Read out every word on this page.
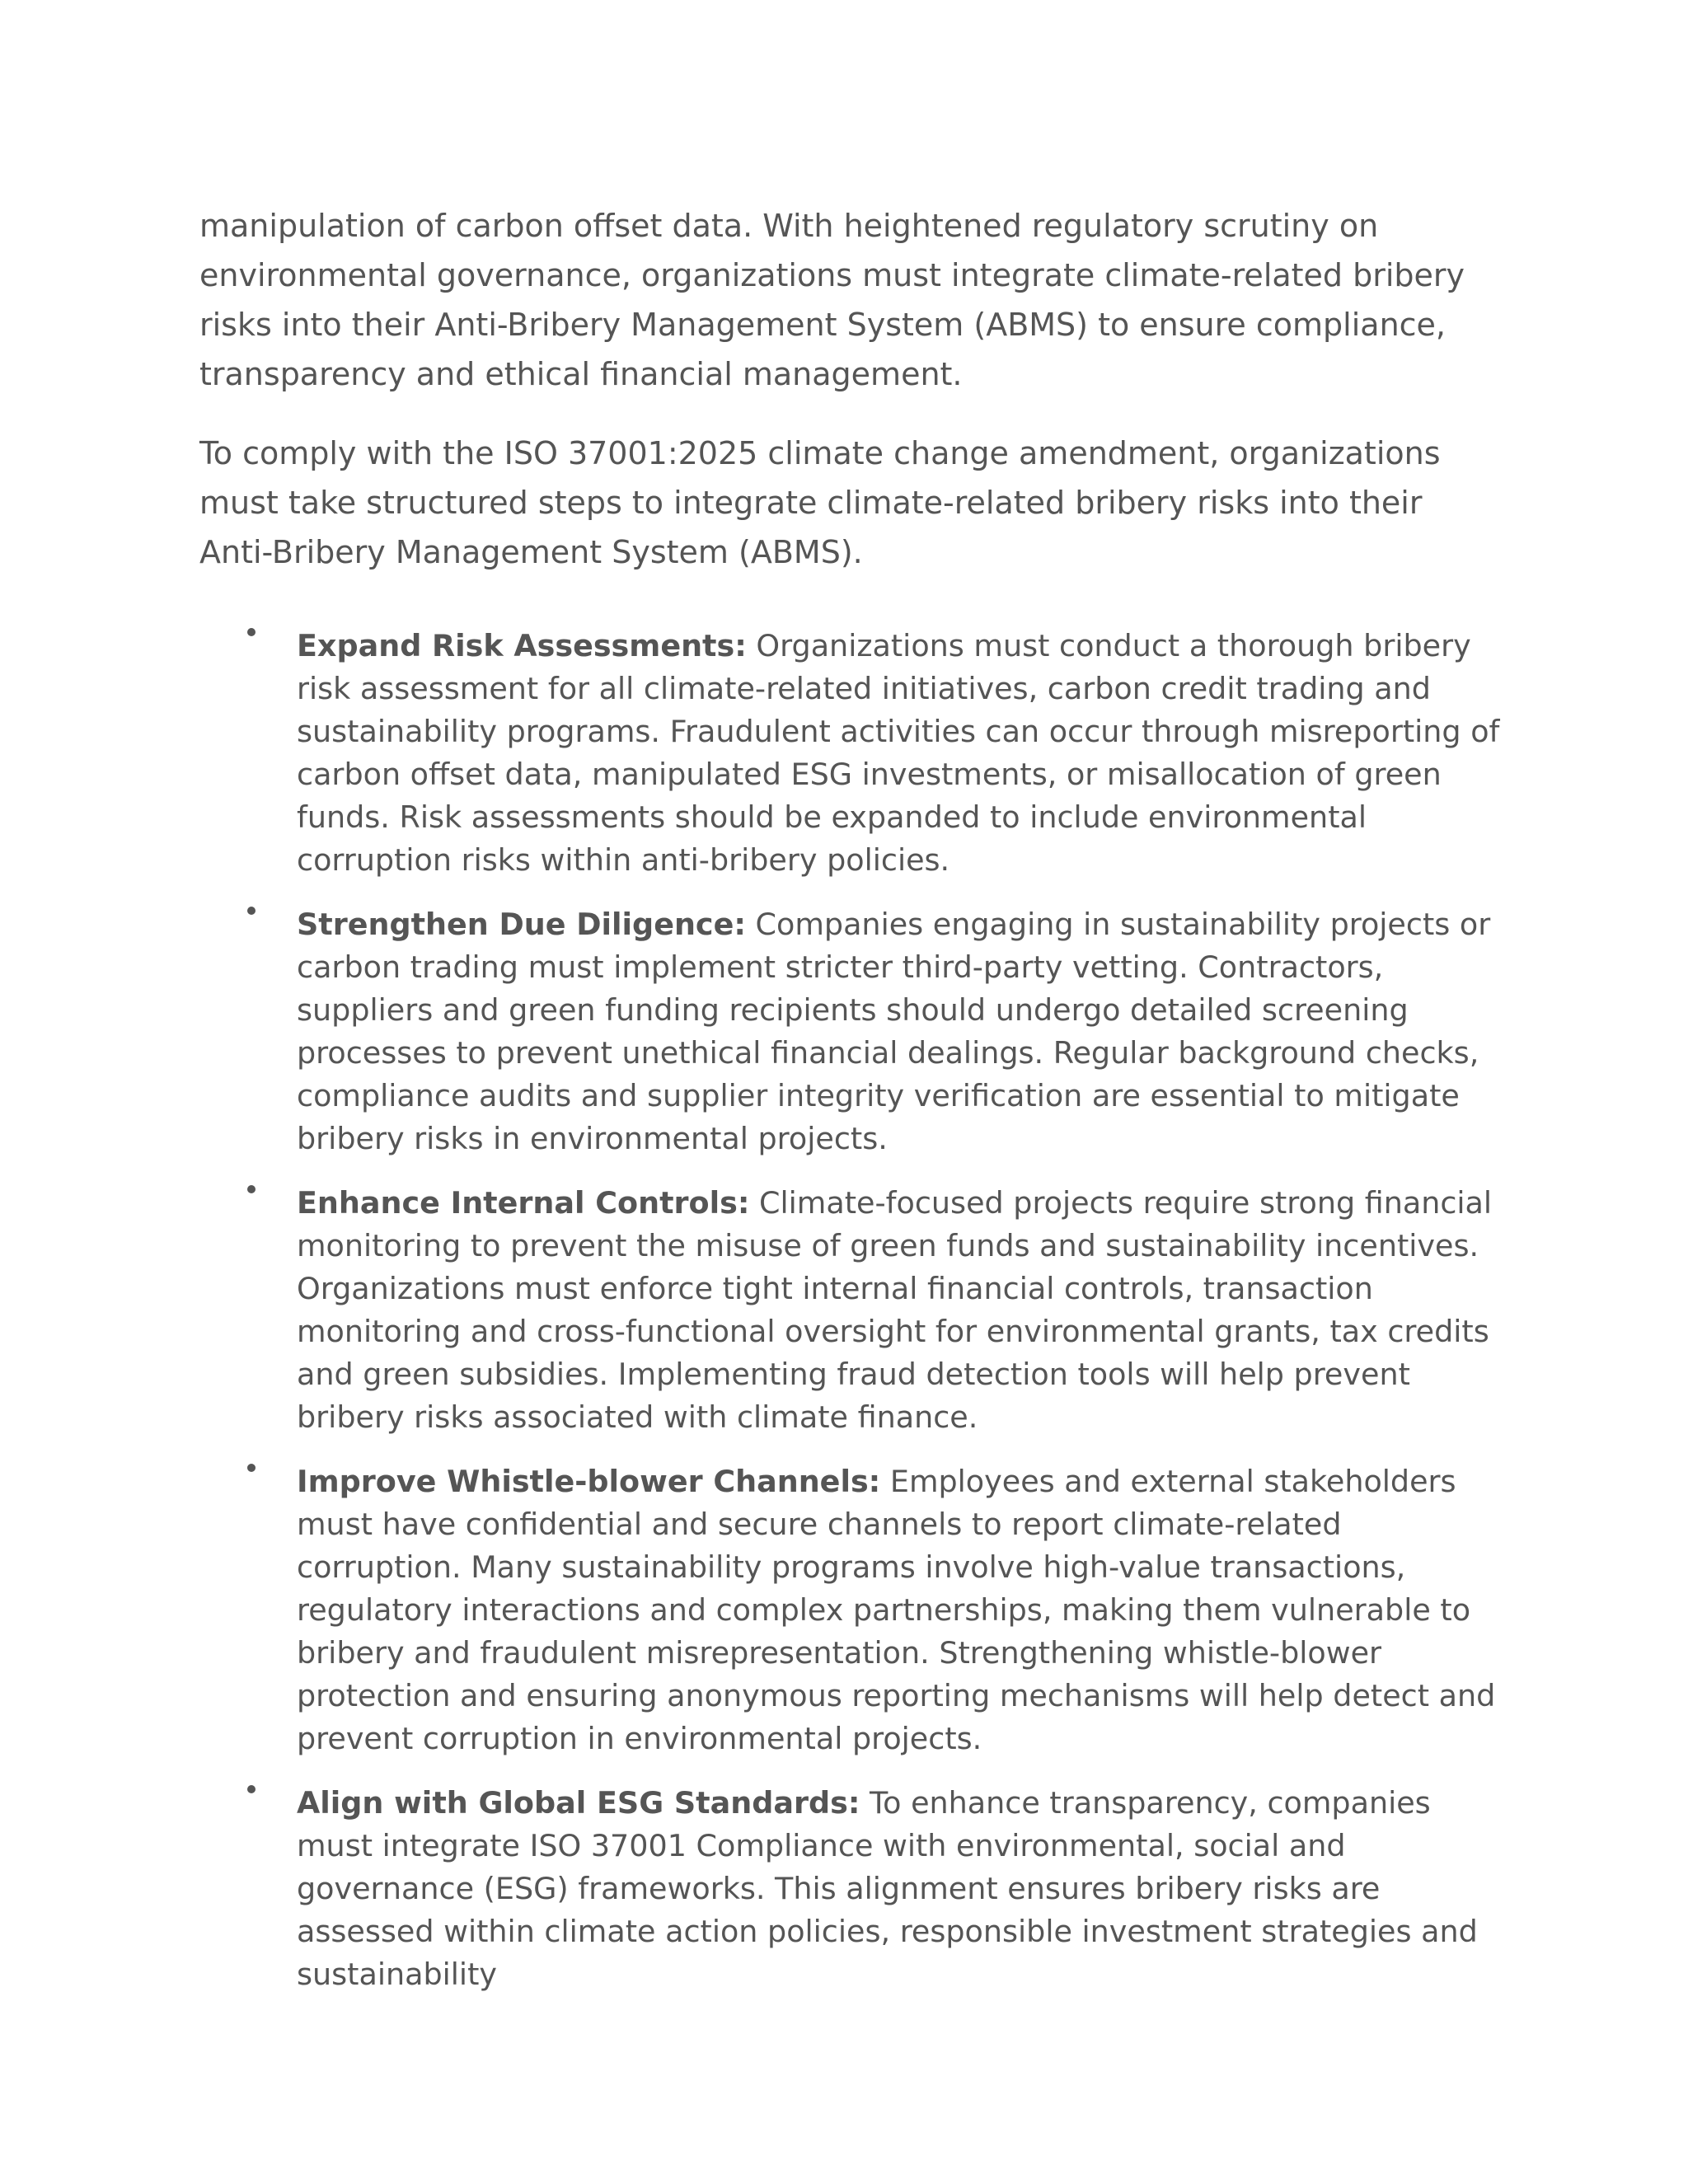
manipulation of carbon offset data. With heightened regulatory scrutiny on environmental governance, organizations must integrate climate-related bribery risks into their Anti-Bribery Management System (ABMS) to ensure compliance, transparency and ethical financial management.

To comply with the ISO 37001:2025 climate change amendment, organizations must take structured steps to integrate climate-related bribery risks into their Anti-Bribery Management System (ABMS).

Expand Risk Assessments: Organizations must conduct a thorough bribery risk assessment for all climate-related initiatives, carbon credit trading and sustainability programs. Fraudulent activities can occur through misreporting of carbon offset data, manipulated ESG investments, or misallocation of green funds. Risk assessments should be expanded to include environmental corruption risks within anti-bribery policies.
Strengthen Due Diligence: Companies engaging in sustainability projects or carbon trading must implement stricter third-party vetting. Contractors, suppliers and green funding recipients should undergo detailed screening processes to prevent unethical financial dealings. Regular background checks, compliance audits and supplier integrity verification are essential to mitigate bribery risks in environmental projects.
Enhance Internal Controls: Climate-focused projects require strong financial monitoring to prevent the misuse of green funds and sustainability incentives. Organizations must enforce tight internal financial controls, transaction monitoring and cross-functional oversight for environmental grants, tax credits and green subsidies. Implementing fraud detection tools will help prevent bribery risks associated with climate finance.
Improve Whistle-blower Channels: Employees and external stakeholders must have confidential and secure channels to report climate-related corruption. Many sustainability programs involve high-value transactions, regulatory interactions and complex partnerships, making them vulnerable to bribery and fraudulent misrepresentation. Strengthening whistle-blower protection and ensuring anonymous reporting mechanisms will help detect and prevent corruption in environmental projects.
Align with Global ESG Standards: To enhance transparency, companies must integrate ISO 37001 Compliance with environmental, social and governance (ESG) frameworks. This alignment ensures bribery risks are assessed within climate action policies, responsible investment strategies and sustainability
